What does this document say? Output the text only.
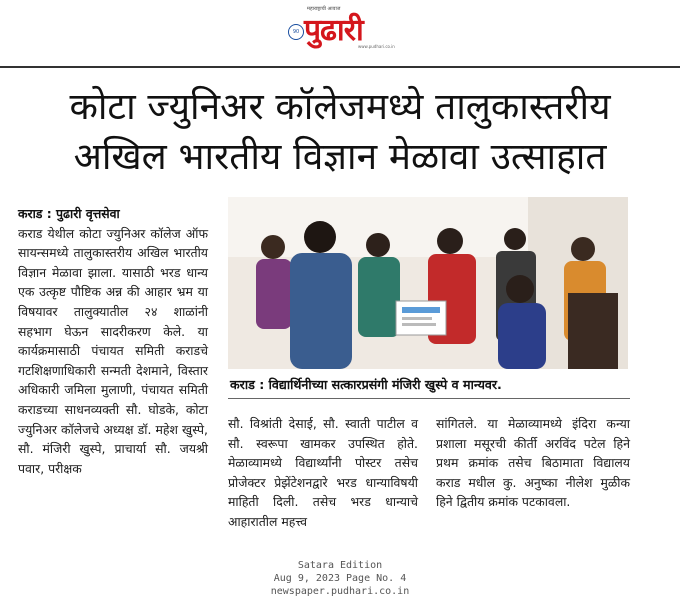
महाराष्ट्राची आवाज
90 पुढारी
www.pudhari.co.in
कोटा ज्युनिअर कॉलेजमध्ये तालुकास्तरीय
अखिल भारतीय विज्ञान मेळावा उत्साहात
कराड : पुढारी वृत्तसेवा

कराड येथील कोटा ज्युनिअर कॉलेज ऑफ सायन्समध्ये तालुकास्तरीय अखिल भारतीय विज्ञान मेळावा झाला. यासाठी भरड धान्य एक उत्कृष्ट पौष्टिक अन्न की आहार भ्रम या विषयावर तालुक्यातील २४ शाळांनी सहभाग घेऊन सादरीकरण केले. या कार्यक्रमासाठी पंचायत समिती कराडचे गटशिक्षणाधिकारी सन्मती देशमाने, विस्तार अधिकारी जमिला मुलाणी, पंचायत समिती कराडच्या साधनव्यक्ती सौ. घोडके, कोटा ज्युनिअर कॉलेजचे अध्यक्ष डॉ. महेश खुस्पे, सौ. मंजिरी खुस्पे, प्राचार्या सौ. जयश्री पवार, परीक्षक

कराड : विद्यार्थिनीच्या सत्कारप्रसंगी मंजिरी खुस्पे व मान्यवर.

सौ. विश्रांती देसाई, सौ. स्वाती पाटील व सौ. स्वरूपा खामकर उपस्थित होते. मेळाव्यामध्ये विद्यार्थ्यांनी पोस्टर तसेच प्रोजेक्टर प्रेझेंटेशनद्वारे भरड धान्याविषयी माहिती दिली. तसेच भरड धान्याचे आहारातील महत्त्व

सांगितले. या मेळाव्यामध्ये इंदिरा कन्या प्रशाला मसूरची कीर्ती अरविंद पटेल हिने प्रथम क्रमांक तसेच बिठामाता विद्यालय कराड मधील कु. अनुष्का नीलेश मुळीक हिने द्वितीय क्रमांक पटकावला.

Satara Edition
Aug 9, 2023 Page No. 4
newspaper.pudhari.co.in
